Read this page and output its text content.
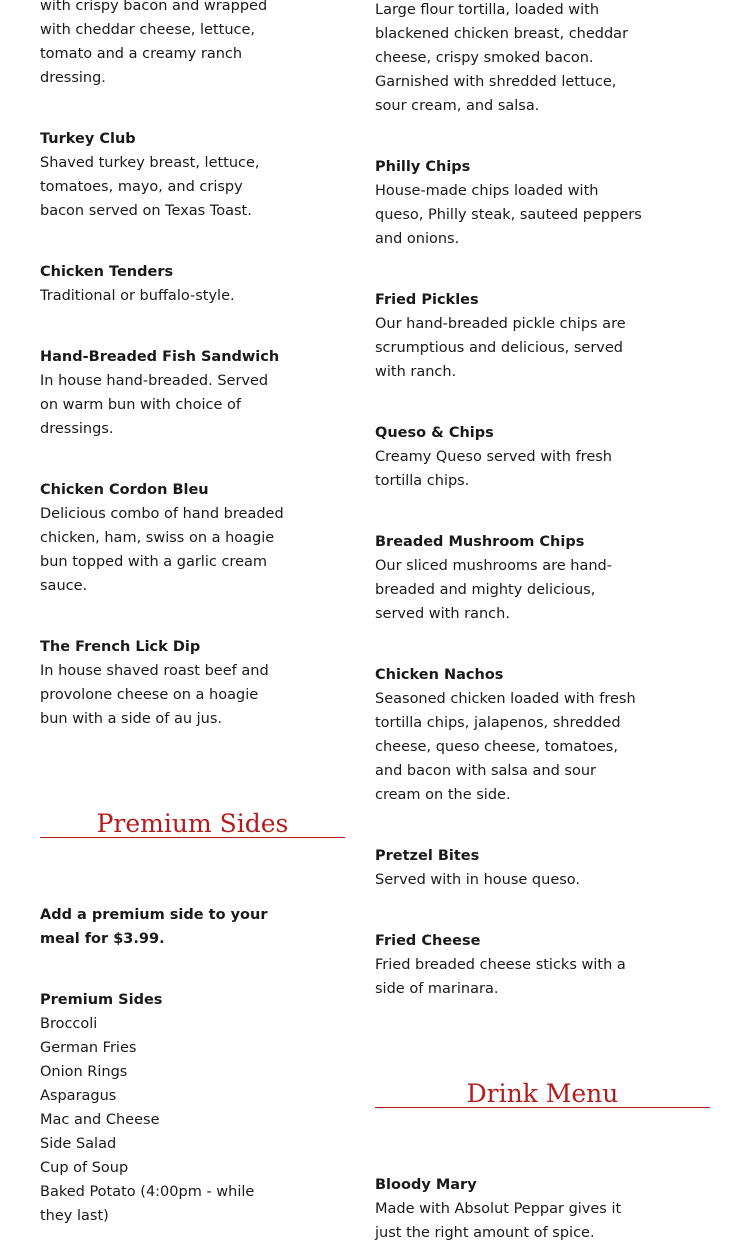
with crispy bacon and wrapped with cheddar cheese, lettuce, tomato and a creamy ranch dressing.

Turkey Club

Shaved turkey breast, lettuce, tomatoes, mayo, and crispy bacon served on Texas Toast.

Chicken Tenders

Traditional or buffalo-style.

Hand-Breaded Fish Sandwich

In house hand-breaded. Served on warm bun with choice of dressings.

Chicken Cordon Bleu

Delicious combo of hand breaded chicken, ham, swiss on a hoagie bun topped with a garlic cream sauce.

The French Lick Dip

In house shaved roast beef and provolone cheese on a hoagie bun with a side of au jus.

Premium Sides

Add a premium side to your meal for $3.99.

Premium Sides

Broccoli
German Fries
Onion Rings
Asparagus
Mac and Cheese
Side Salad
Cup of Soup
Baked Potato (4:00pm - while they last)

Large flour tortilla, loaded with blackened chicken breast, cheddar cheese, crispy smoked bacon. Garnished with shredded lettuce, sour cream, and salsa.

Philly Chips

House-made chips loaded with queso, Philly steak, sauteed peppers and onions.

Fried Pickles

Our hand-breaded pickle chips are scrumptious and delicious, served with ranch.

Queso & Chips

Creamy Queso served with fresh tortilla chips.

Breaded Mushroom Chips

Our sliced mushrooms are hand-breaded and mighty delicious, served with ranch.

Chicken Nachos

Seasoned chicken loaded with fresh tortilla chips, jalapenos, shredded cheese, queso cheese, tomatoes, and bacon with salsa and sour cream on the side.

Pretzel Bites

Served with in house queso.

Fried Cheese

Fried breaded cheese sticks with a side of marinara.

Drink Menu

Bloody Mary

Made with Absolut Peppar gives it just the right amount of spice.
